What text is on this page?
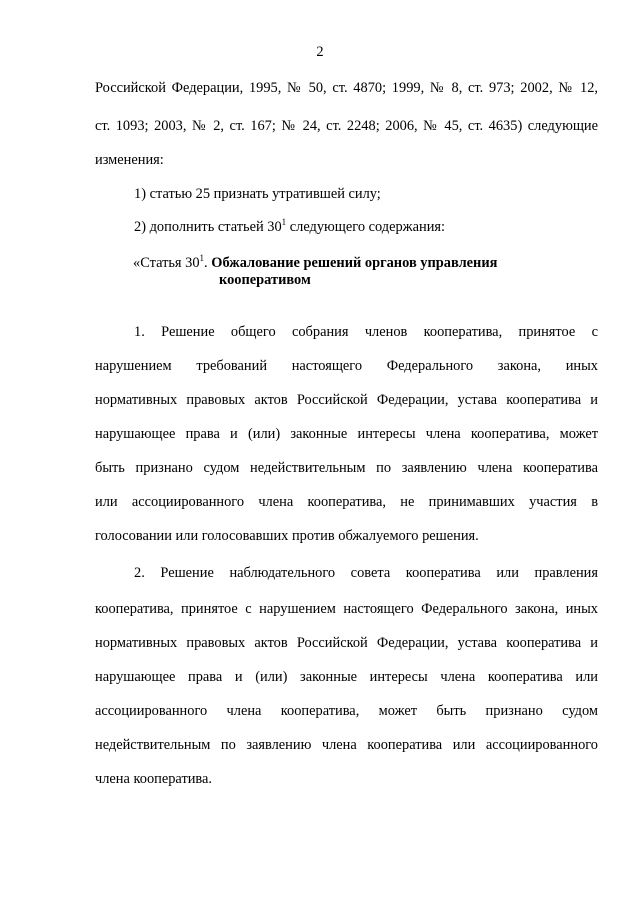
2
Российской Федерации, 1995, № 50, ст. 4870; 1999, № 8, ст. 973; 2002, № 12,
ст. 1093; 2003, № 2, ст. 167; № 24, ст. 2248; 2006, № 45, ст. 4635) следующие
изменения:
1) статью 25 признать утратившей силу;
2) дополнить статьей $30^1$ следующего содержания:
«Статья $30^1$. Обжалование решений органов управления
кооперативом
1. Решение общего собрания членов кооператива, принятое с
нарушением требований настоящего Федерального закона, иных
нормативных правовых актов Российской Федерации, устава кооператива и
нарушающее права и (или) законные интересы члена кооператива, может
быть признано судом недействительным по заявлению члена кооператива
или ассоциированного члена кооператива, не принимавших участия в
голосовании или голосовавших против обжалуемого решения.
2. Решение наблюдательного совета кооператива или правления
кооператива, принятое с нарушением настоящего Федерального закона, иных
нормативных правовых актов Российской Федерации, устава кооператива и
нарушающее права и (или) законные интересы члена кооператива или
ассоциированного члена кооператива, может быть признано судом
недействительным по заявлению члена кооператива или ассоциированного
члена кооператива.
